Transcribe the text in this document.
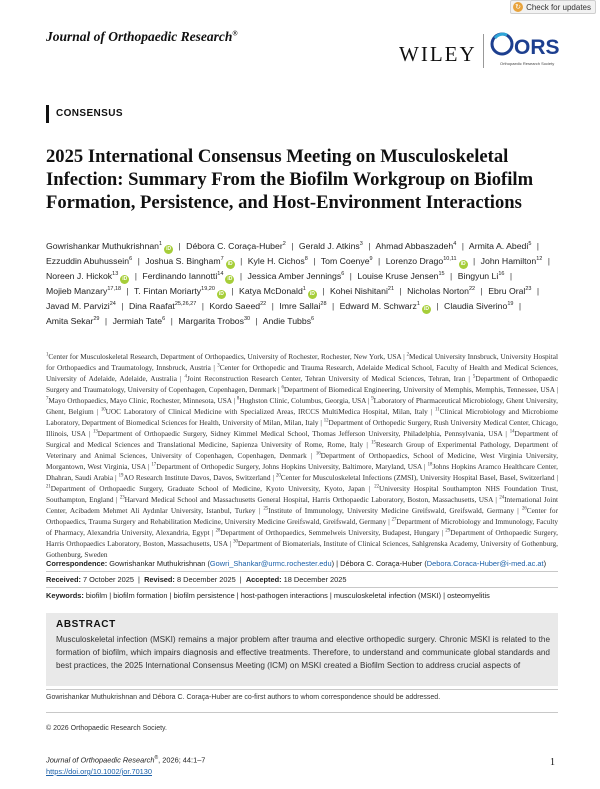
↻ Check for updates
Journal of Orthopaedic Research®
WILEY ORS
Orthopaedic Research Society
CONSENSUS
2025 International Consensus Meeting on Musculoskeletal Infection: Summary From the Biofilm Workgroup on Biofilm Formation, Persistence, and Host-Environment Interactions
Gowrishankar Muthukrishnan$^1$iD | Débora C. Coraça-Huber$^2$ | Gerald J. Atkins$^3$ | Ahmad Abbaszadeh$^4$ | Armita A. Abedi$^5$ | Ezzuddin Abuhussein$^6$ | Joshua S. Bingham$^7$iD | Kyle H. Cichos$^8$ | Tom Coenye$^9$ | Lorenzo Drago$^{10,11}$iD | John Hamilton$^{12}$ | Noreen J. Hickok$^{13}$iD | Ferdinando Iannotti$^{14}$iD | Jessica Amber Jennings$^6$ | Louise Kruse Jensen$^{15}$ | Bingyun Li$^{16}$ | Mojieb Manzary$^{17,18}$ | T. Fintan Moriarty$^{19,20}$iD | Katya McDonald$^1$iD | Kohei Nishitani$^{21}$ | Nicholas Norton$^{22}$ | Ebru Oral$^{23}$ | Javad M. Parvizi$^{24}$ | Dina Raafat$^{25,26,27}$ | Kordo Saeed$^{22}$ | Imre Sallai$^{28}$ | Edward M. Schwarz$^1$iD | Claudia Siverino$^{19}$ | Amita Sekar$^{29}$ | Jermiah Tate$^6$ | Margarita Trobos$^{30}$ | Andie Tubbs$^6$
$^1$Center for Musculoskeletal Research, Department of Orthopaedics, University of Rochester, Rochester, New York, USA | $^2$Medical University Innsbruck, University Hospital for Orthopaedics and Traumatology, Innsbruck, Austria | $^3$Center for Orthopedic and Trauma Research, Adelaide Medical School, Faculty of Health and Medical Sciences, University of Adelaide, Adelaide, Australia | $^4$Joint Reconstruction Research Center, Tehran University of Medical Sciences, Tehran, Iran | $^5$Department of Orthopaedic Surgery and Traumatology, University of Copenhagen, Copenhagen, Denmark | $^6$Department of Biomedical Engineering, University of Memphis, Memphis, Tennessee, USA | $^7$Mayo Orthopaedics, Mayo Clinic, Rochester, Minnesota, USA | $^8$Hughston Clinic, Columbus, Georgia, USA | $^9$Laboratory of Pharmaceutical Microbiology, Ghent University, Ghent, Belgium | $^{10}$UOC Laboratory of Clinical Medicine with Specialized Areas, IRCCS MultiMedica Hospital, Milan, Italy | $^{11}$Clinical Microbiology and Microbiome Laboratory, Department of Biomedical Sciences for Health, University of Milan, Milan, Italy | $^{12}$Department of Orthopedic Surgery, Rush University Medical Center, Chicago, Illinois, USA | $^{13}$Department of Orthopaedic Surgery, Sidney Kimmel Medical School, Thomas Jefferson University, Philadelphia, Pennsylvania, USA | $^{14}$Department of Surgical and Medical Sciences and Translational Medicine, Sapienza University of Rome, Rome, Italy | $^{15}$Research Group of Experimental Pathology, Department of Veterinary and Animal Sciences, University of Copenhagen, Copenhagen, Denmark | $^{16}$Department of Orthopaedics, School of Medicine, West Virginia University, Morgantown, West Virginia, USA | $^{17}$Department of Orthopedic Surgery, Johns Hopkins University, Baltimore, Maryland, USA | $^{18}$Johns Hopkins Aramco Healthcare Center, Dhahran, Saudi Arabia | $^{19}$AO Research Institute Davos, Davos, Switzerland | $^{20}$Center for Musculoskeletal Infections (ZMSI), University Hospital Basel, Basel, Switzerland | $^{21}$Department of Orthopaedic Surgery, Graduate School of Medicine, Kyoto University, Kyoto, Japan | $^{22}$University Hospital Southampton NHS Foundation Trust, Southampton, England | $^{23}$Harvard Medical School and Massachusetts General Hospital, Harris Orthopaedic Laboratory, Boston, Massachusetts, USA | $^{24}$International Joint Center, Acibadem Mehmet Ali Aydınlar University, Istanbul, Turkey | $^{25}$Institute of Immunology, University Medicine Greifswald, Greifswald, Germany | $^{26}$Center for Orthopaedics, Trauma Surgery and Rehabilitation Medicine, University Medicine Greifswald, Greifswald, Germany | $^{27}$Department of Microbiology and Immunology, Faculty of Pharmacy, Alexandria University, Alexandria, Egypt | $^{28}$Department of Orthopaedics, Semmelweis University, Budapest, Hungary | $^{29}$Department of Orthopaedic Surgery, Harris Orthopaedics Laboratory, Boston, Massachusetts, USA | $^{30}$Department of Biomaterials, Institute of Clinical Sciences, Sahlgrenska Academy, University of Gothenburg, Gothenburg, Sweden
Correspondence: Gowrishankar Muthukrishnan (Gowri_Shankar@urmc.rochester.edu) | Débora C. Coraça-Huber (Debora.Coraca-Huber@i-med.ac.at)
Received: 7 October 2025  |  Revised: 8 December 2025  |  Accepted: 18 December 2025
Keywords: biofilm | biofilm formation | biofilm persistence | host-pathogen interactions | musculoskeletal infection (MSKI) | osteomyelitis
ABSTRACT
Musculoskeletal infection (MSKI) remains a major problem after trauma and elective orthopedic surgery. Chronic MSKI is related to the formation of biofilm, which impairs diagnosis and effective treatments. Therefore, to understand and communicate global standards and best practices, the 2025 International Consensus Meeting (ICM) on MSKI created a Biofilm Section to address crucial aspects of
Gowrishankar Muthukrishnan and Débora C. Coraça-Huber are co-first authors to whom correspondence should be addressed.
© 2026 Orthopaedic Research Society.
Journal of Orthopaedic Research®, 2026; 44:1–7
https://doi.org/10.1002/jor.70130
1
